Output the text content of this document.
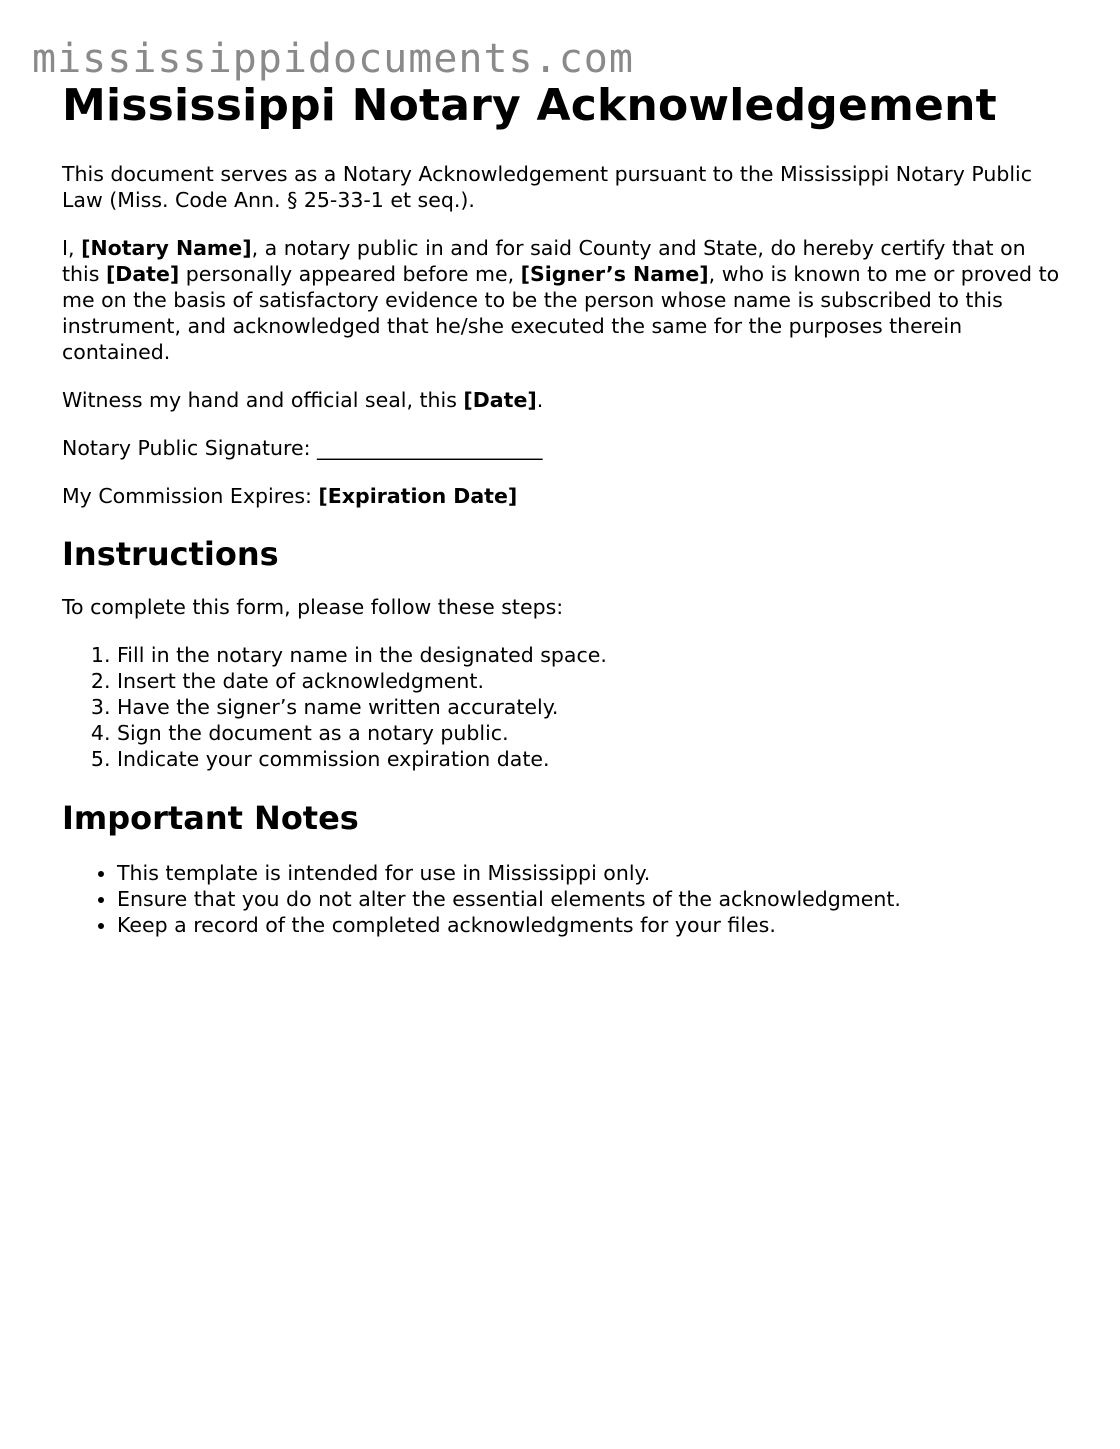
mississippidocuments.com
Mississippi Notary Acknowledgement

This document serves as a Notary Acknowledgement pursuant to the Mississippi Notary Public Law (Miss. Code Ann. § 25-33-1 et seq.).

I, [Notary Name], a notary public in and for said County and State, do hereby certify that on this [Date] personally appeared before me, [Signer’s Name], who is known to me or proved to me on the basis of satisfactory evidence to be the person whose name is subscribed to this instrument, and acknowledged that he/she executed the same for the purposes therein contained.

Witness my hand and official seal, this [Date].

Notary Public Signature: ______________________

My Commission Expires: [Expiration Date]

Instructions

To complete this form, please follow these steps:

1. Fill in the notary name in the designated space.
2. Insert the date of acknowledgment.
3. Have the signer’s name written accurately.
4. Sign the document as a notary public.
5. Indicate your commission expiration date.
Important Notes
• This template is intended for use in Mississippi only.
• Ensure that you do not alter the essential elements of the acknowledgment.
• Keep a record of the completed acknowledgments for your files.
